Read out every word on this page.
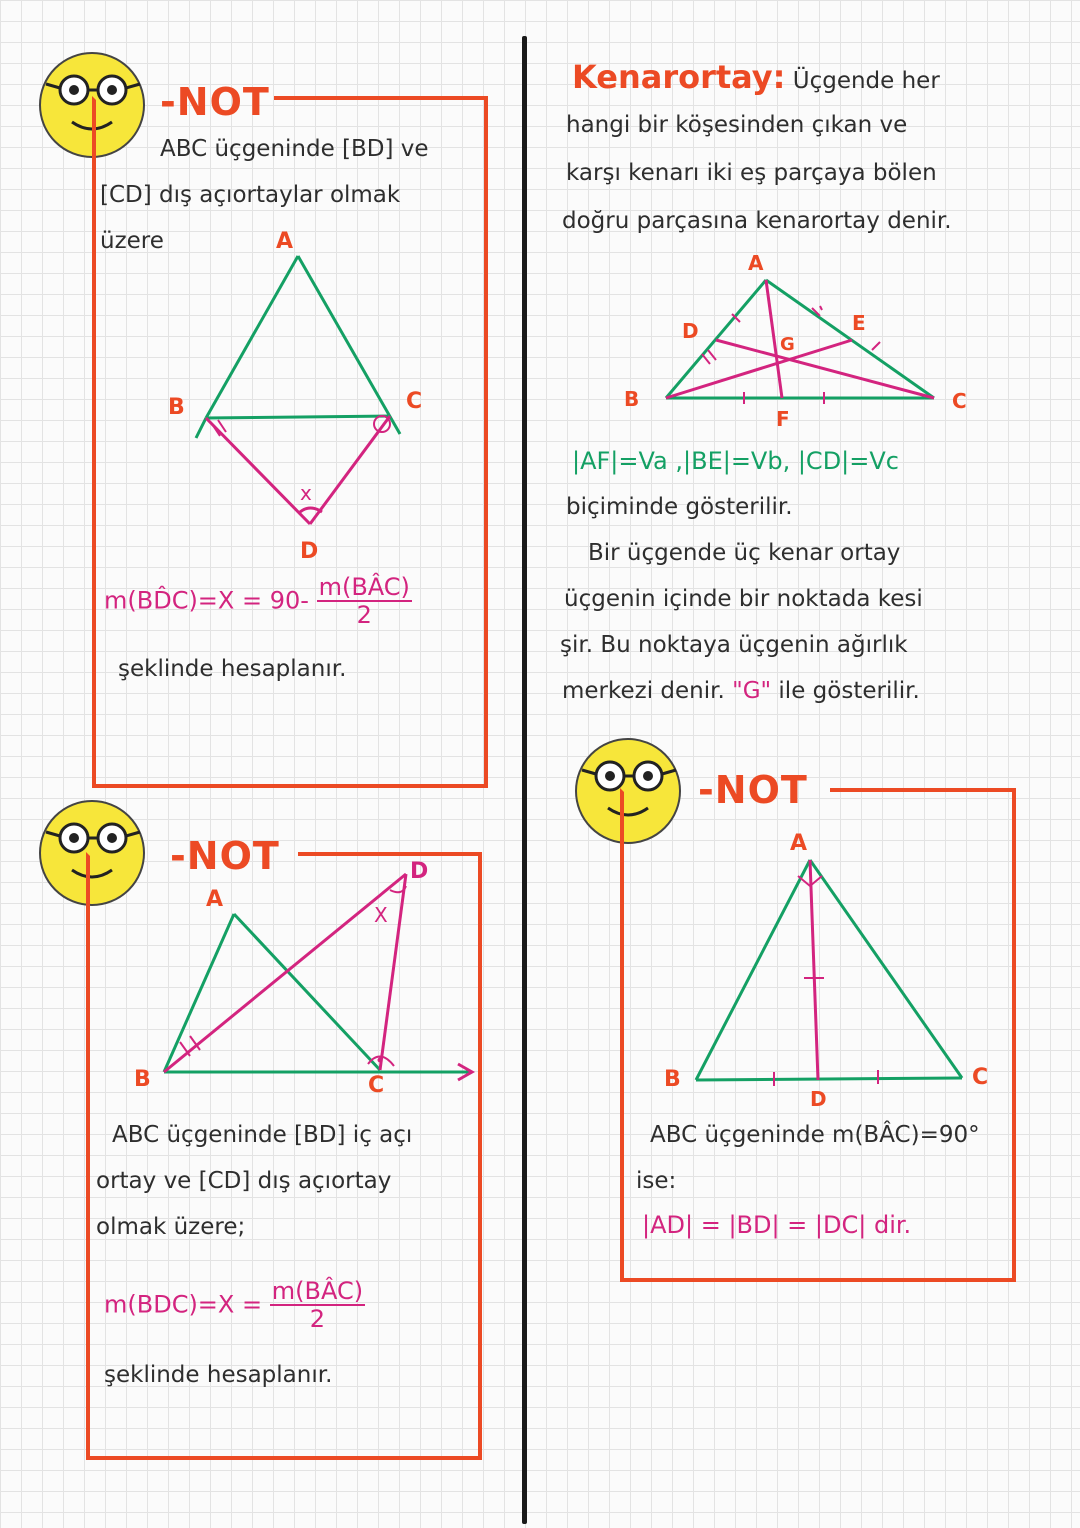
-NOT
ABC üçgeninde [BD] ve
[CD] dış açıortaylar olmak
üzere	A
B	C
D
x
m(BD̂C)=X = $90- \frac{\text{m(BÂC)}}{2}$
şeklinde hesaplanır.
-NOT
A
B	C
D
X
ABC üçgeninde [BD] iç açı
ortay ve [CD] dış açıortay
olmak üzere;
$m(BDC)=X = \frac{\text{m(BÂC)}}{2}$
şeklinde hesaplanır.
Kenarortay: Üçgende her
hangi bir köşesinden çıkan ve
karşı kenarı iki eş parçaya bölen
doğru parçasına kenarortay denir.
A
B	C
D	E
F
G
|AF|=Va ,|BE|=Vb, |CD|=Vc
biçiminde gösterilir.
Bir üçgende üç kenar ortay
üçgenin içinde bir noktada kesi
şir. Bu noktaya üçgenin ağırlık
merkezi denir. "G" ile gösterilir.
-NOT
A
B	C
D
ABC üçgeninde m(BÂC)=90°
ise:
|AD| = |BD| = |DC| dir.
